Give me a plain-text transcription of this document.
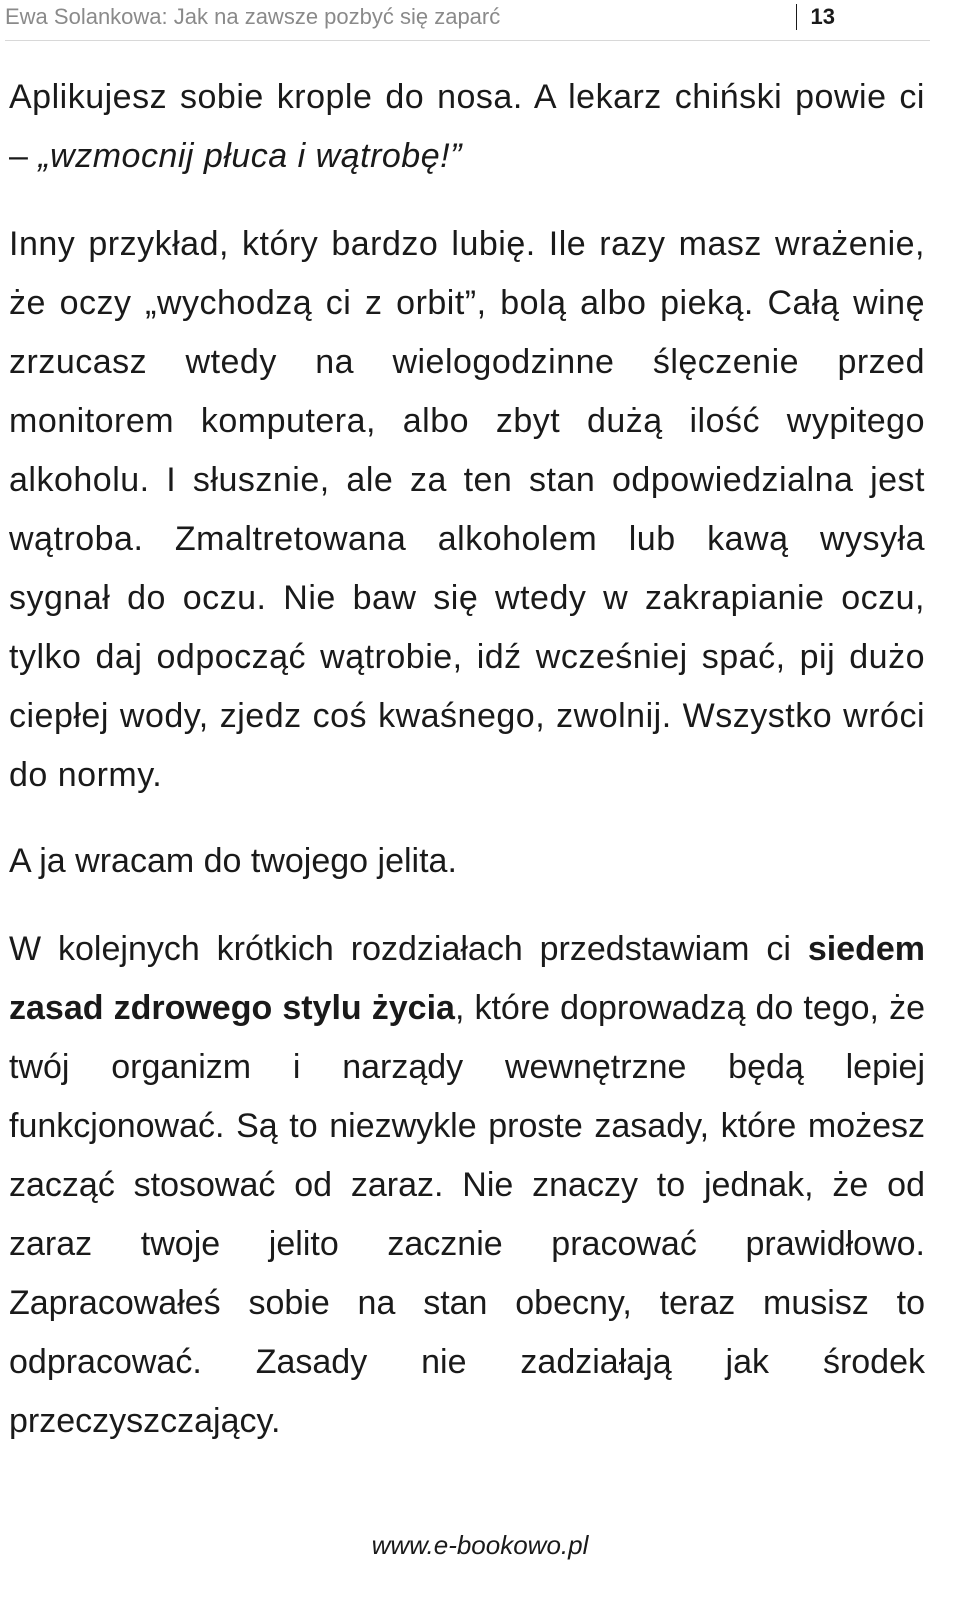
Ewa Solankowa: Jak na zawsze pozbyć się zaparć	13

Aplikujesz sobie krople do nosa. A lekarz chiński powie ci – „wzmocnij płuca i wątrobę!”

Inny przykład, który bardzo lubię. Ile razy masz wrażenie, że oczy „wychodzą ci z orbit”, bolą albo pieką. Całą winę zrzucasz wtedy na wielogodzinne ślęczenie przed monitorem komputera, albo zbyt dużą ilość wypitego alkoholu. I słusznie, ale za ten stan odpowiedzialna jest wątroba. Zmaltretowana alkoholem lub kawą wysyła sygnał do oczu. Nie baw się wtedy w zakrapianie oczu, tylko daj odpocząć wątrobie, idź wcześniej spać, pij dużo ciepłej wody, zjedz coś kwaśnego, zwolnij. Wszystko wróci do normy.

A ja wracam do twojego jelita.

W kolejnych krótkich rozdziałach przedstawiam ci siedem zasad zdrowego stylu życia, które doprowadzą do tego, że twój organizm i narządy wewnętrzne będą lepiej funkcjonować. Są to niezwykle proste zasady, które możesz zacząć stosować od zaraz. Nie znaczy to jednak, że od zaraz twoje jelito zacznie pracować prawidłowo. Zapracowałeś sobie na stan obecny, teraz musisz to odpracować. Zasady nie zadziałają jak środek przeczyszczający.

www.e-bookowo.pl
